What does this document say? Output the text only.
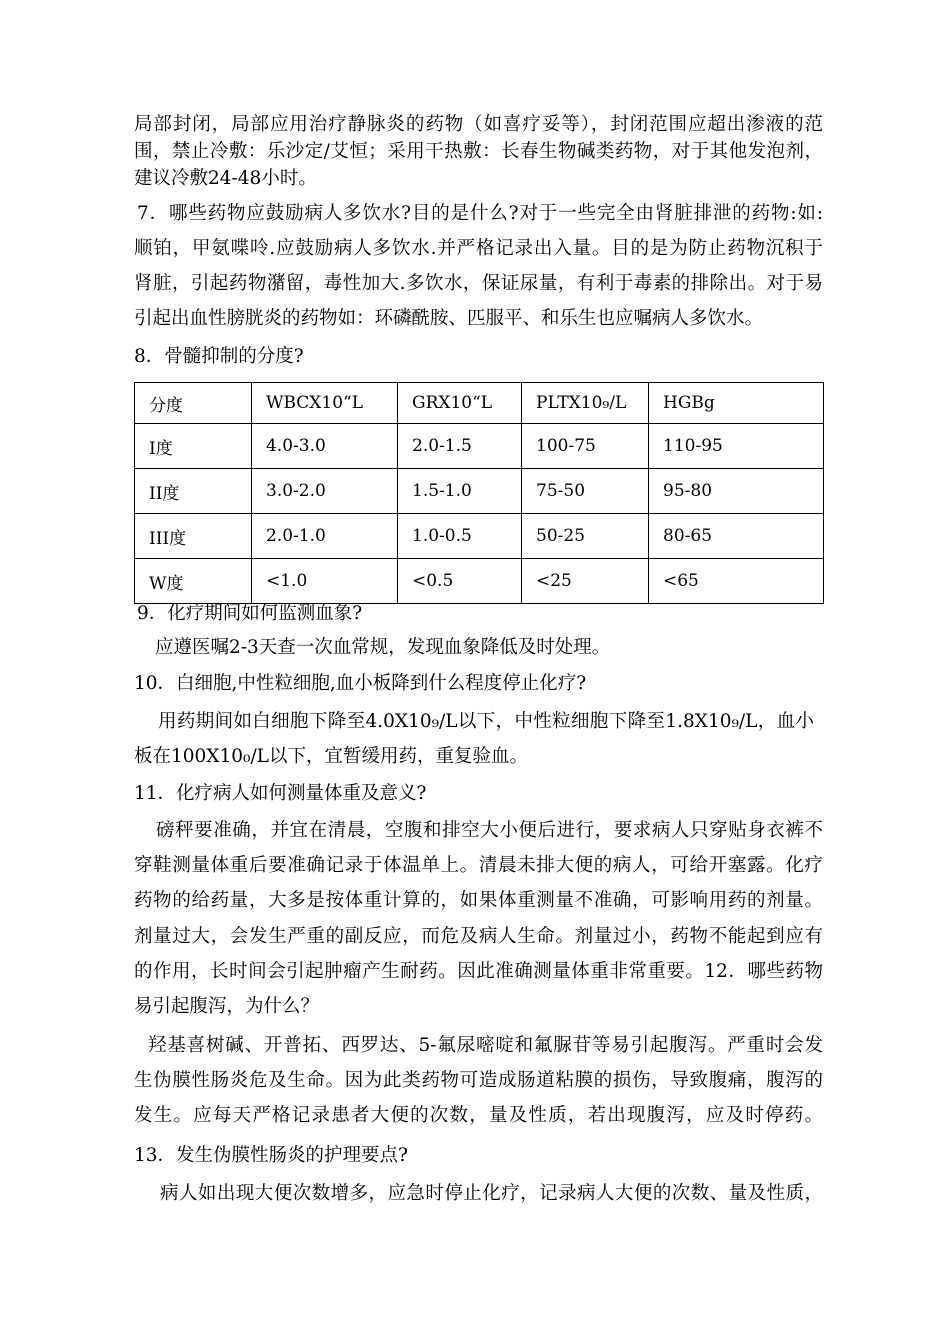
局部封闭，局部应用治疗静脉炎的药物（如喜疗妥等），封闭范围应超出渗液的范
围，禁止冷敷：乐沙定/艾恒；采用干热敷：长春生物碱类药物，对于其他发泡剂，
建议冷敷24-48小时。
7．哪些药物应鼓励病人多饮水?目的是什么?对于一些完全由肾脏排泄的药物:如:
顺铂，甲氨喋呤.应鼓励病人多饮水.并严格记录出入量。目的是为防止药物沉积于
肾脏，引起药物潴留，毒性加大.多饮水，保证尿量，有利于毒素的排除出。对于易
引起出血性膀胱炎的药物如：环磷酰胺、匹服平、和乐生也应嘱病人多饮水。
8．骨髓抑制的分度?
分度	WBCX10“L	GRX10“L	PLTX10₉/L	HGBg
I度	4.0-3.0	2.0-1.5	100-75	110-95
II度	3.0-2.0	1.5-1.0	75-50	95-80
III度	2.0-1.0	1.0-0.5	50-25	80-65
W度	<1.0	<0.5	<25	<65
9．化疗期间如何监测血象?
应遵医嘱2-3天查一次血常规，发现血象降低及时处理。
10．白细胞,中性粒细胞,血小板降到什么程度停止化疗?
用药期间如白细胞下降至4.0X10₉/L以下，中性粒细胞下降至1.8X10₉/L，血小
板在100X10₀/L以下，宜暂缓用药，重复验血。
11．化疗病人如何测量体重及意义?
磅秤要准确，并宜在清晨，空腹和排空大小便后进行，要求病人只穿贴身衣裤不
穿鞋测量体重后要准确记录于体温单上。清晨未排大便的病人，可给开塞露。化疗
药物的给药量，大多是按体重计算的，如果体重测量不准确，可影响用药的剂量。
剂量过大，会发生严重的副反应，而危及病人生命。剂量过小，药物不能起到应有
的作用，长时间会引起肿瘤产生耐药。因此准确测量体重非常重要。12．哪些药物
易引起腹泻，为什么？
羟基喜树碱、开普拓、西罗达、5-氟尿嘧啶和氟脲苷等易引起腹泻。严重时会发
生伪膜性肠炎危及生命。因为此类药物可造成肠道粘膜的损伤，导致腹痛，腹泻的
发生。应每天严格记录患者大便的次数，量及性质，若出现腹泻，应及时停药。
13．发生伪膜性肠炎的护理要点?
病人如出现大便次数增多，应急时停止化疗，记录病人大便的次数、量及性质，
